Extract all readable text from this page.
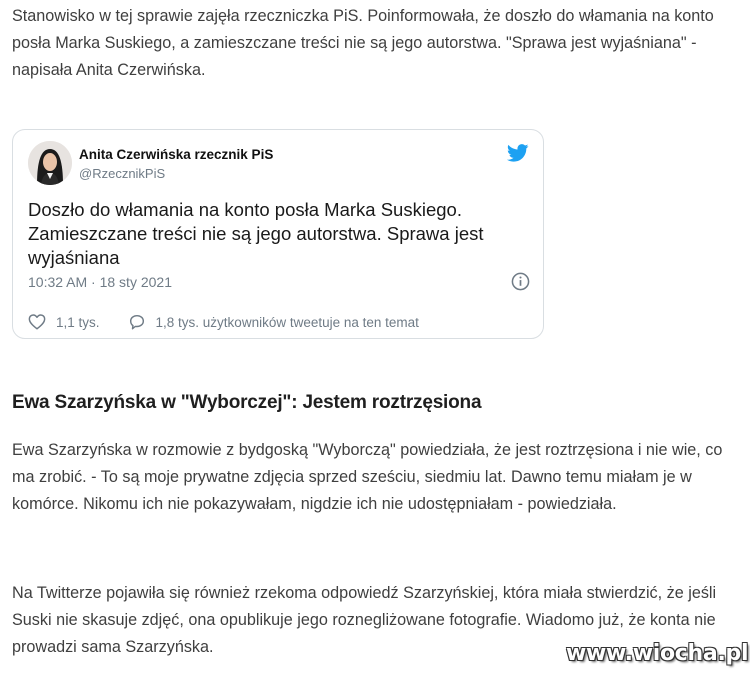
Stanowisko w tej sprawie zajęła rzeczniczka PiS. Poinformowała, że doszło do włamania na konto posła Marka Suskiego, a zamieszczane treści nie są jego autorstwa. "Sprawa jest wyjaśniana" - napisała Anita Czerwińska.

Anita Czerwińska rzecznik PiS
@RzecznikPiS

Doszło do włamania na konto posła Marka Suskiego. Zamieszczane treści nie są jego autorstwa. Sprawa jest wyjaśniana

10:32 AM · 18 sty 2021
1,1 tys.	1,8 tys. użytkowników tweetuje na ten temat
Ewa Szarzyńska w "Wyborczej": Jestem roztrzęsiona

Ewa Szarzyńska w rozmowie z bydgoską "Wyborczą" powiedziała, że jest roztrzęsiona i nie wie, co ma zrobić. - To są moje prywatne zdjęcia sprzed sześciu, siedmiu lat. Dawno temu miałam je w komórce. Nikomu ich nie pokazywałam, nigdzie ich nie udostępniałam - powiedziała.

Na Twitterze pojawiła się również rzekoma odpowiedź Szarzyńskiej, która miała stwierdzić, że jeśli Suski nie skasuje zdjęć, ona opublikuje jego roznegliżowane fotografie. Wiadomo już, że konta nie prowadzi sama Szarzyńska.	www.wiocha.pl
